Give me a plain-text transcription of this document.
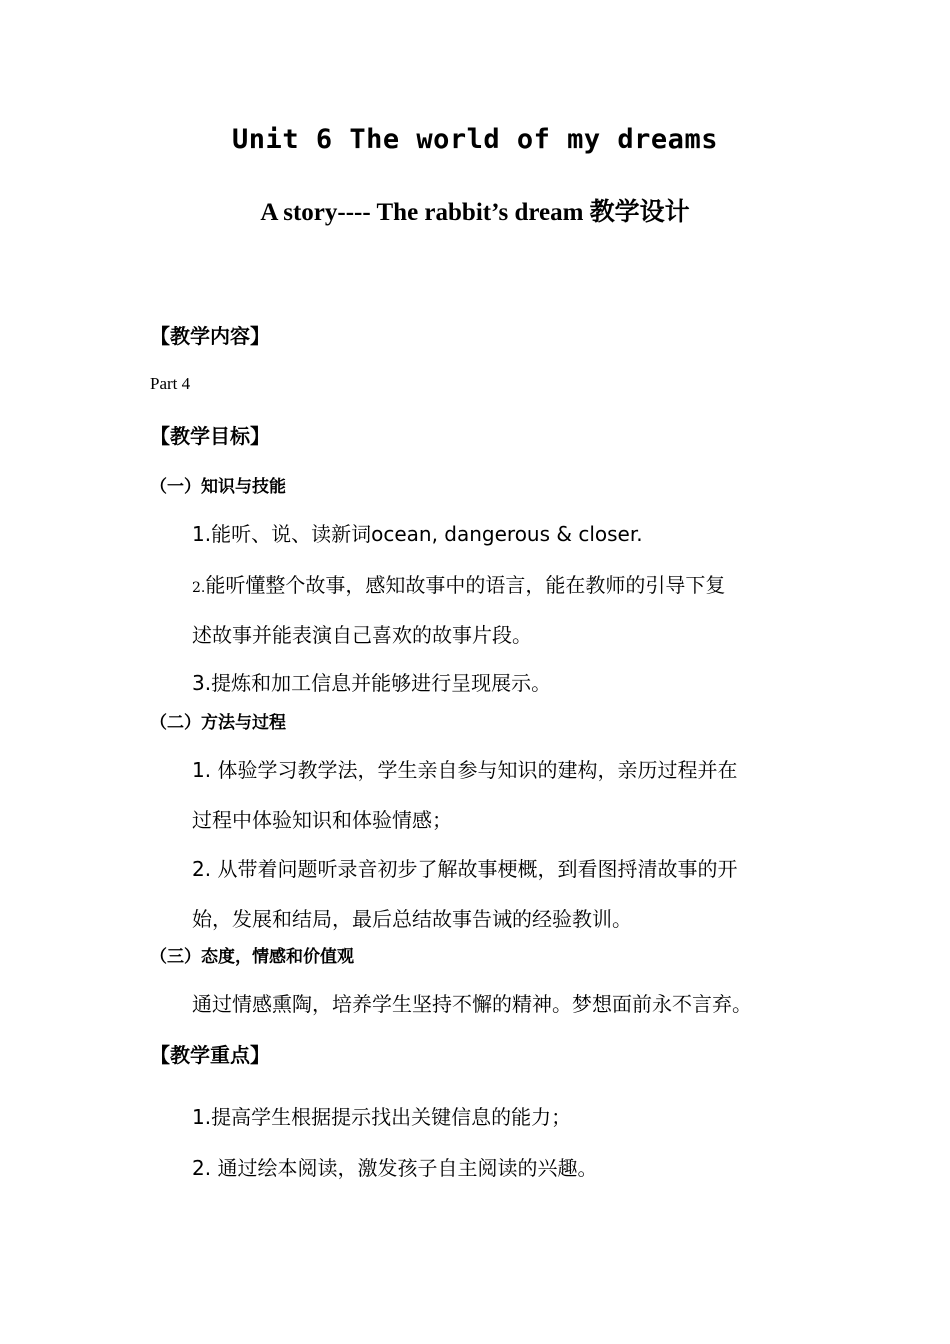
Unit 6 The world of my dreams
A story---- The rabbit’s dream 教学设计
【教学内容】
Part 4
【教学目标】
（一）知识与技能
1.能听、说、读新词ocean, dangerous & closer.
2.能听懂整个故事，感知故事中的语言，能在教师的引导下复
述故事并能表演自己喜欢的故事片段。
3.提炼和加工信息并能够进行呈现展示。
（二）方法与过程
1. 体验学习教学法，学生亲自参与知识的建构，亲历过程并在
过程中体验知识和体验情感；
2. 从带着问题听录音初步了解故事梗概，到看图捋清故事的开
始，发展和结局，最后总结故事告诫的经验教训。
（三）态度，情感和价值观
通过情感熏陶，培养学生坚持不懈的精神。梦想面前永不言弃。
【教学重点】
1.提高学生根据提示找出关键信息的能力；
2. 通过绘本阅读，激发孩子自主阅读的兴趣。
